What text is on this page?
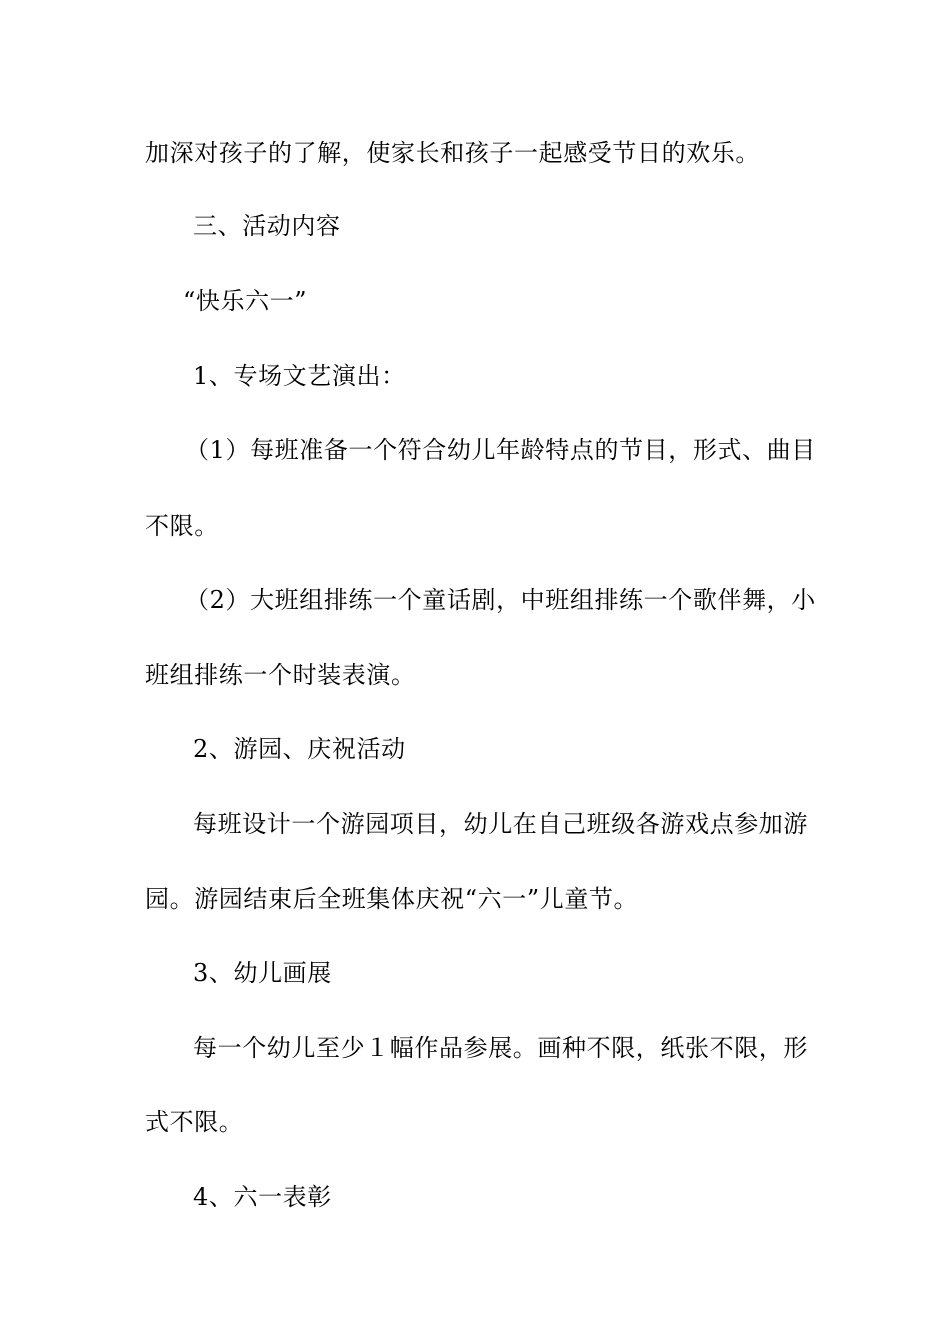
加深对孩子的了解，使家长和孩子一起感受节日的欢乐。
三、活动内容
“快乐六一”
1、专场文艺演出：
（1）每班准备一个符合幼儿年龄特点的节目，形式、曲目
不限。
（2）大班组排练一个童话剧，中班组排练一个歌伴舞，小
班组排练一个时装表演。
2、游园、庆祝活动
每班设计一个游园项目，幼儿在自己班级各游戏点参加游
园。游园结束后全班集体庆祝“六一”儿童节。
3、幼儿画展
每一个幼儿至少１幅作品参展。画种不限，纸张不限，形
式不限。
4、六一表彰
